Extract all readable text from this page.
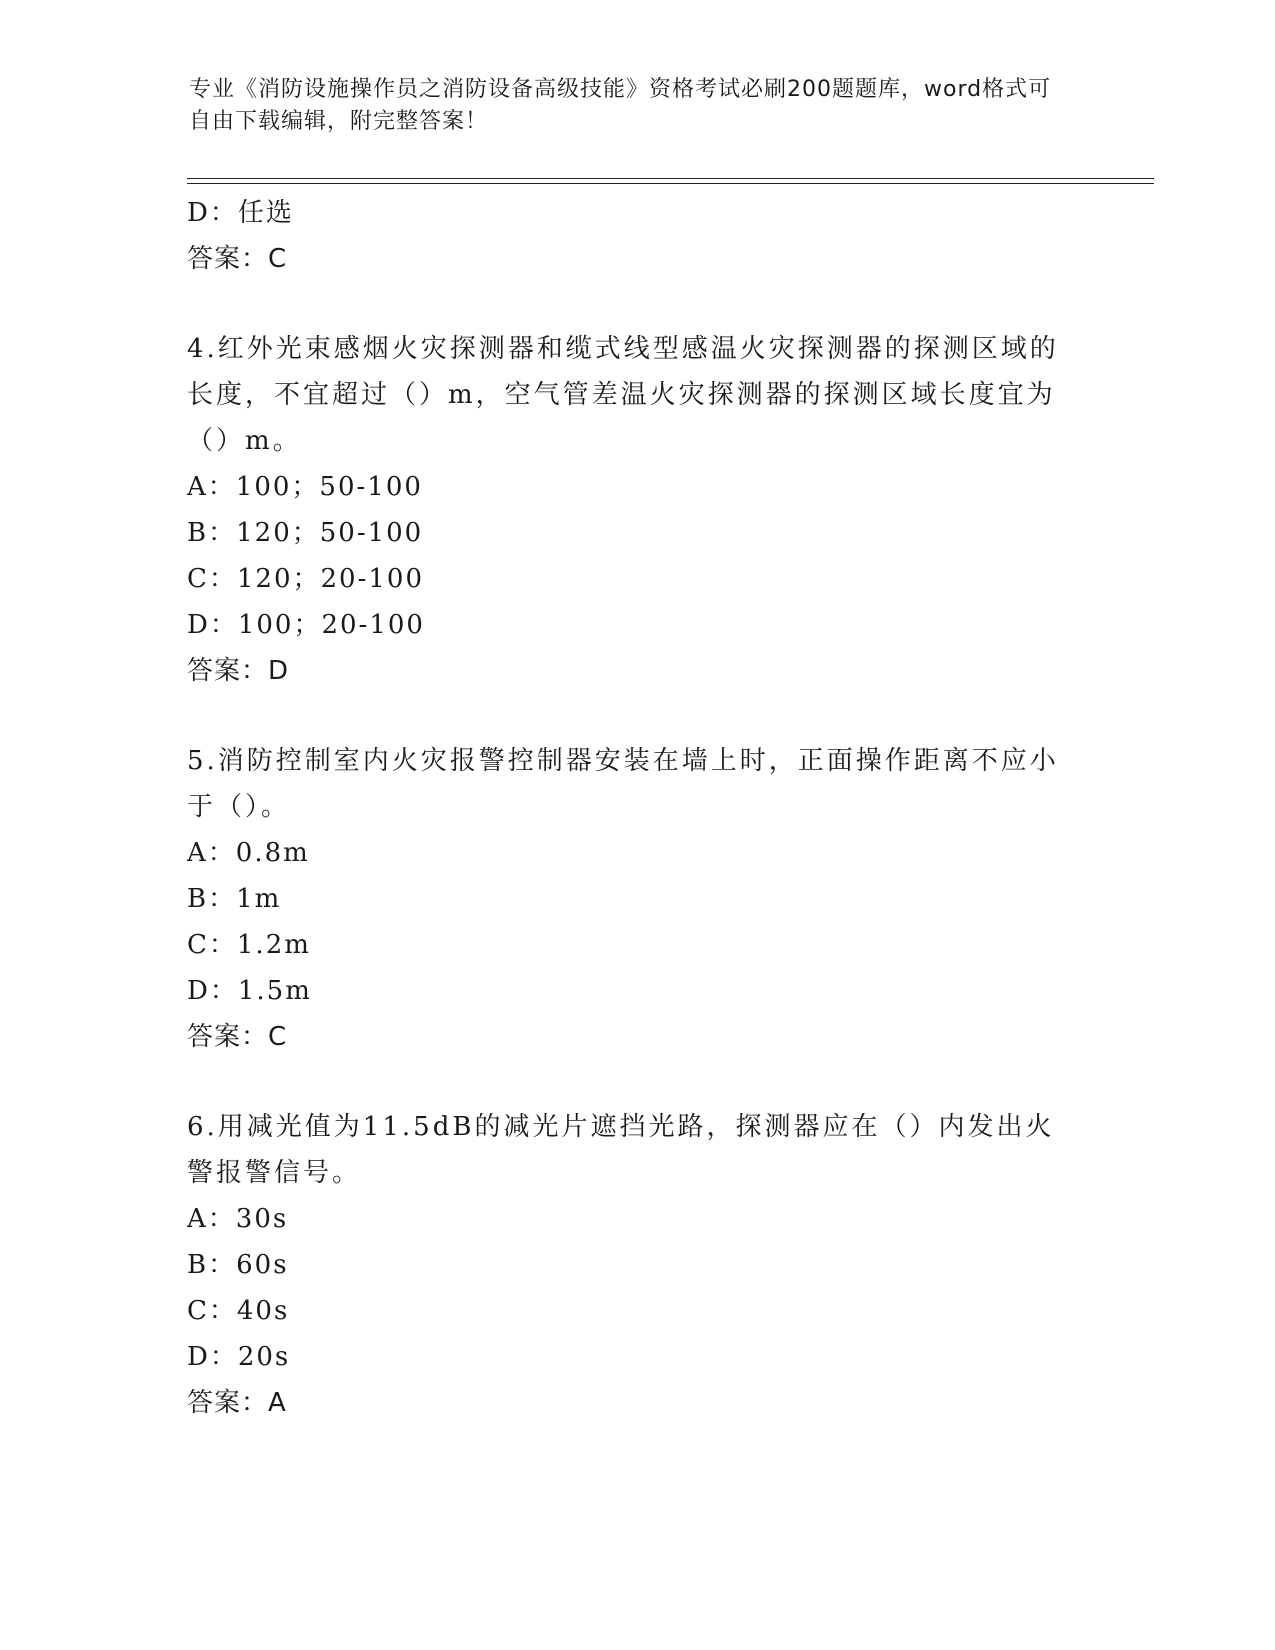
专业《消防设施操作员之消防设备高级技能》资格考试必刷200题题库，word格式可自由下载编辑，附完整答案！
D：任选
答案：C
4.红外光束感烟火灾探测器和缆式线型感温火灾探测器的探测区域的长度，不宜超过（）m，空气管差温火灾探测器的探测区域长度宜为（）m。
A：100；50-100
B：120；50-100
C：120；20-100
D：100；20-100
答案：D
5.消防控制室内火灾报警控制器安装在墙上时，正面操作距离不应小于（）。
A：0.8m
B：1m
C：1.2m
D：1.5m
答案：C
6.用减光值为11.5dB的减光片遮挡光路，探测器应在（）内发出火警报警信号。
A：30s
B：60s
C：40s
D：20s
答案：A
